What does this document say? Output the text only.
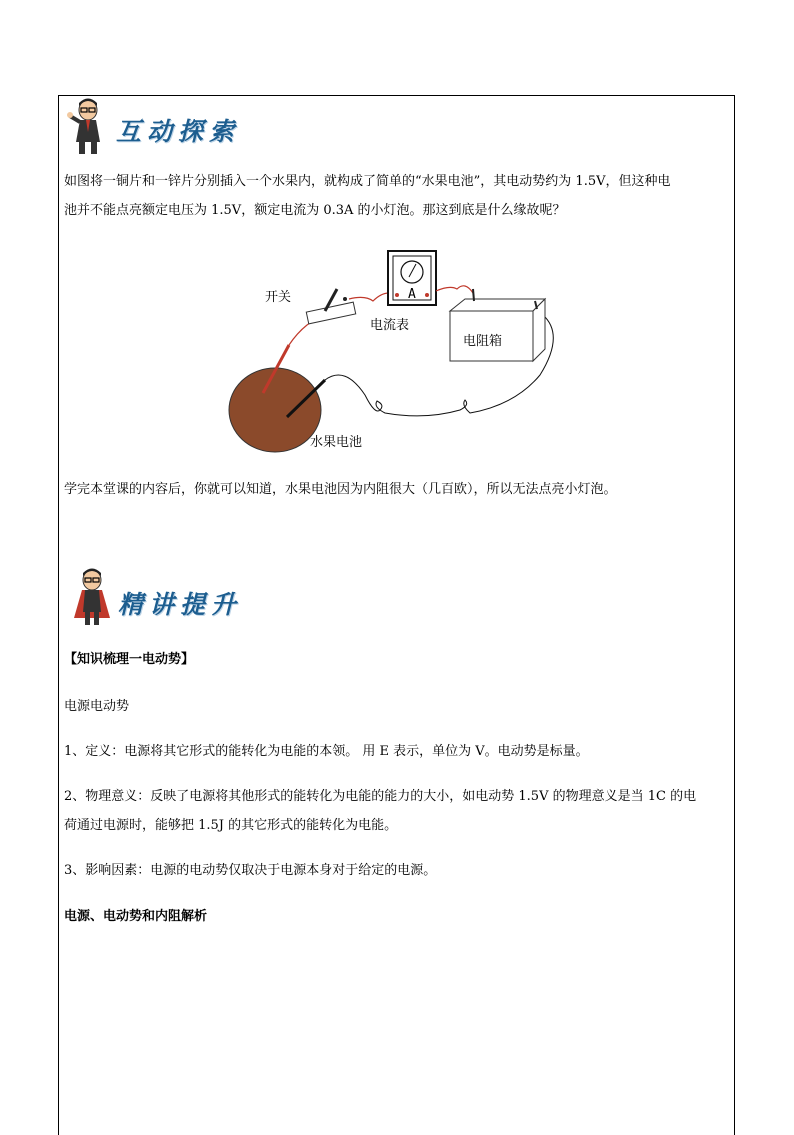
互动探索
如图将一铜片和一锌片分别插入一个水果内，就构成了简单的“水果电池”，其电动势约为 1.5V，但这种电
池并不能点亮额定电压为 1.5V，额定电流为 0.3A 的小灯泡。那这到底是什么缘故呢？
A
开关
电流表
电阻箱
水果电池
学完本堂课的内容后，你就可以知道，水果电池因为内阻很大（几百欧），所以无法点亮小灯泡。
精讲提升
【知识梳理一电动势】
电源电动势
1、定义：电源将其它形式的能转化为电能的本领。 用 E 表示，单位为 V。电动势是标量。
2、物理意义：反映了电源将其他形式的能转化为电能的能力的大小，如电动势 1.5V 的物理意义是当 1C 的电
荷通过电源时，能够把 1.5J 的其它形式的能转化为电能。
3、影响因素：电源的电动势仅取决于电源本身对于给定的电源。
电源、电动势和内阻解析
